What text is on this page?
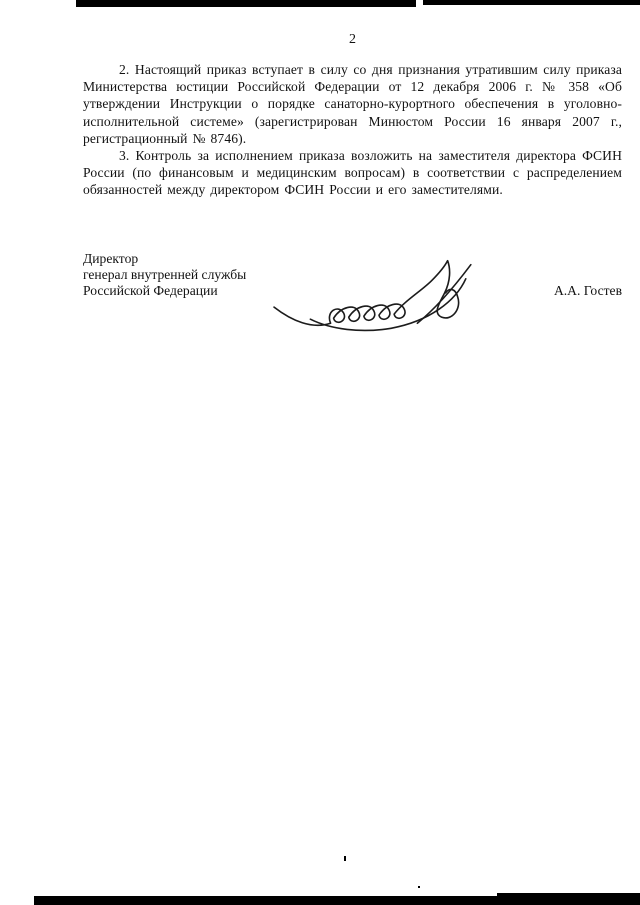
2

2. Настоящий приказ вступает в силу со дня признания утратившим силу приказа Министерства юстиции Российской Федерации от 12 декабря 2006 г. № 358 «Об утверждении Инструкции о порядке санаторно-курортного обеспечения в уголовно-исполнительной системе» (зарегистрирован Минюстом России 16 января 2007 г., регистрационный № 8746).

3. Контроль за исполнением приказа возложить на заместителя директора ФСИН России (по финансовым и медицинским вопросам) в соответствии с распределением обязанностей между директором ФСИН России и его заместителями.

Директор
генерал внутренней службы
Российской Федерации	А.А. Гостев
